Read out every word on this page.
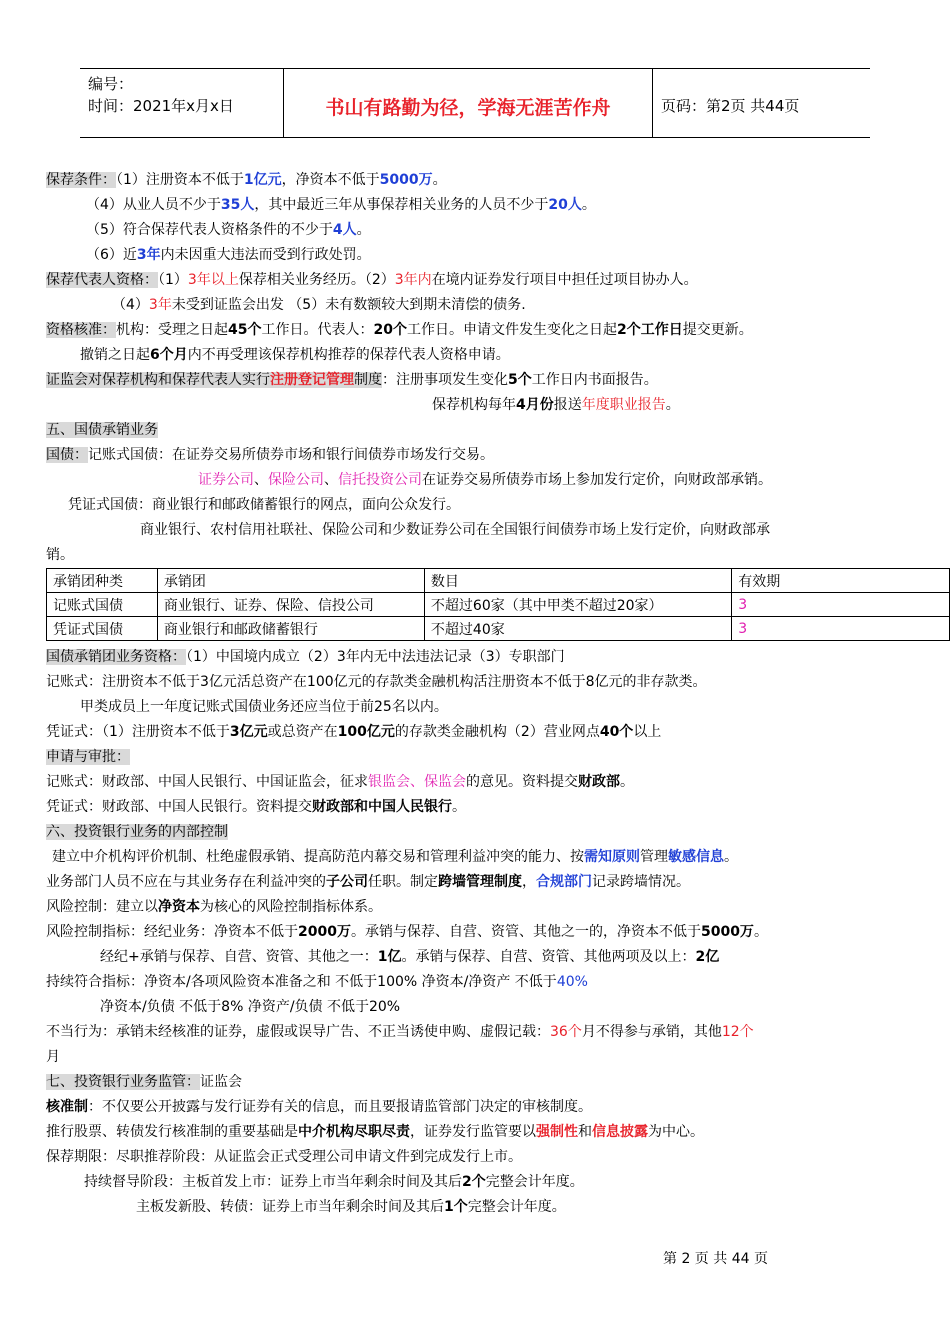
编号：
时间：2021年x月x日	书山有路勤为径，学海无涯苦作舟	页码：第2页 共44页
保荐条件：（1）注册资本不低于1亿元，净资本不低于5000万。
（4）从业人员不少于35人，其中最近三年从事保荐相关业务的人员不少于20人。
（5）符合保荐代表人资格条件的不少于4人。
（6）近3年内未因重大违法而受到行政处罚。
保荐代表人资格：（1）3年以上保荐相关业务经历。（2）3年内在境内证券发行项目中担任过项目协办人。
（4）3年未受到证监会出发 （5）未有数额较大到期未清偿的债务.
资格核准：机构：受理之日起45个工作日。代表人：20个工作日。申请文件发生变化之日起2个工作日提交更新。
撤销之日起6个月内不再受理该保荐机构推荐的保荐代表人资格申请。
证监会对保荐机构和保荐代表人实行注册登记管理制度：注册事项发生变化5个工作日内书面报告。
保荐机构每年4月份报送年度职业报告。
五、国债承销业务
国债：记账式国债：在证券交易所债券市场和银行间债券市场发行交易。
证券公司、保险公司、信托投资公司在证券交易所债券市场上参加发行定价，向财政部承销。
凭证式国债：商业银行和邮政储蓄银行的网点，面向公众发行。
商业银行、农村信用社联社、保险公司和少数证券公司在全国银行间债券市场上发行定价，向财政部承
销。
国债承销团业务资格：（1）中国境内成立（2）3年内无中法违法记录（3）专职部门
记账式：注册资本不低于3亿元活总资产在100亿元的存款类金融机构活注册资本不低于8亿元的非存款类。
甲类成员上一年度记账式国债业务还应当位于前25名以内。
凭证式：（1）注册资本不低于3亿元或总资产在100亿元的存款类金融机构（2）营业网点40个以上
申请与审批：
记账式：财政部、中国人民银行、中国证监会，征求银监会、保监会的意见。资料提交财政部。
凭证式：财政部、中国人民银行。资料提交财政部和中国人民银行。
六、投资银行业务的内部控制
建立中介机构评价机制、杜绝虚假承销、提高防范内幕交易和管理利益冲突的能力、按需知原则管理敏感信息。
业务部门人员不应在与其业务存在利益冲突的子公司任职。制定跨墙管理制度，合规部门记录跨墙情况。
风险控制：建立以净资本为核心的风险控制指标体系。
风险控制指标：经纪业务：净资本不低于2000万。承销与保荐、自营、资管、其他之一的，净资本不低于5000万。
经纪+承销与保荐、自营、资管、其他之一：1亿。承销与保荐、自营、资管、其他两项及以上：2亿
持续符合指标：净资本/各项风险资本准备之和 不低于100% 净资本/净资产 不低于40%
净资本/负债 不低于8% 净资产/负债 不低于20%
不当行为：承销未经核准的证券，虚假或误导广告、不正当诱使申购、虚假记载：36个月不得参与承销，其他12个
月
七、投资银行业务监管：证监会
核准制：不仅要公开披露与发行证券有关的信息，而且要报请监管部门决定的审核制度。
推行股票、转债发行核准制的重要基础是中介机构尽职尽责，证券发行监管要以强制性和信息披露为中心。
保荐期限：尽职推荐阶段：从证监会正式受理公司申请文件到完成发行上市。
持续督导阶段：主板首发上市：证券上市当年剩余时间及其后2个完整会计年度。
主板发新股、转债：证券上市当年剩余时间及其后1个完整会计年度。
承销团种类	承销团	数目	有效期
记账式国债	商业银行、证券、保险、信投公司	不超过60家（其中甲类不超过20家）	3
凭证式国债	商业银行和邮政储蓄银行	不超过40家	3
第 2 页 共 44 页
